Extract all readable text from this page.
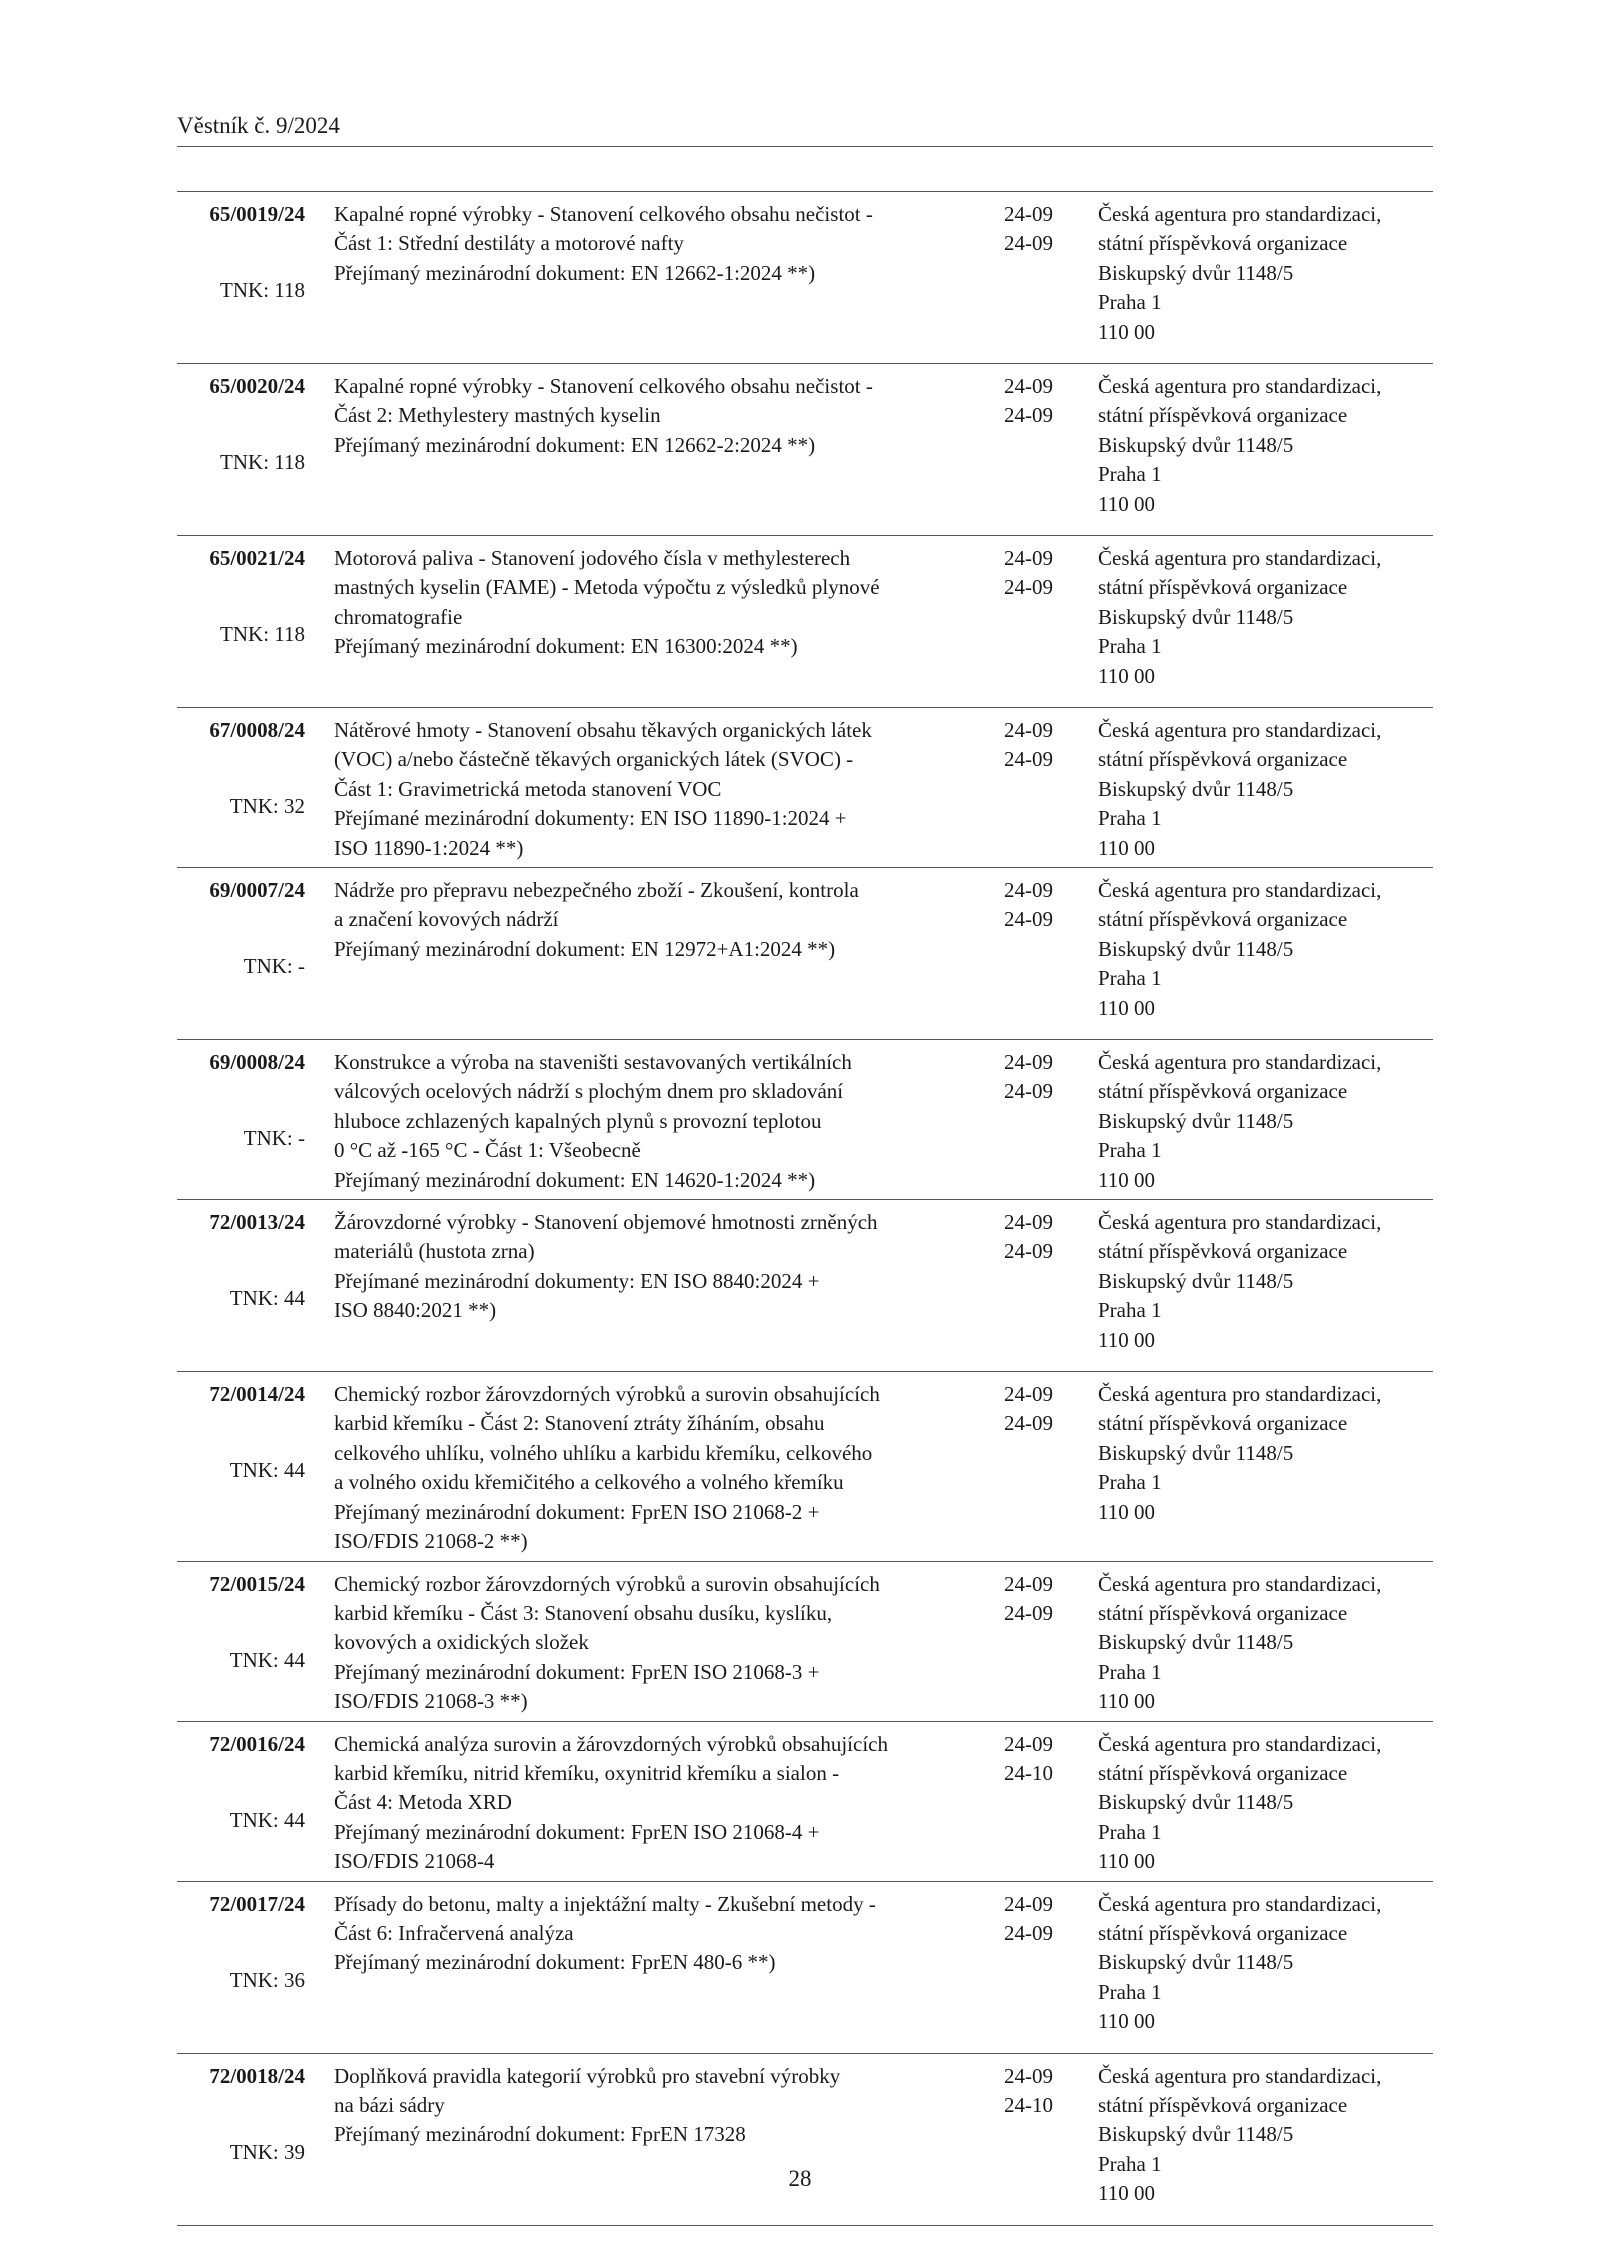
Věstník č. 9/2024
65/0019/24
TNK: 118
Kapalné ropné výrobky - Stanovení celkového obsahu nečistot -
Část 1: Střední destiláty a motorové nafty
Přejímaný mezinárodní dokument: EN 12662-1:2024 **)
24-09
24-09
Česká agentura pro standardizaci,
státní příspěvková organizace
Biskupský dvůr 1148/5
Praha 1
110 00
65/0020/24
TNK: 118
Kapalné ropné výrobky - Stanovení celkového obsahu nečistot -
Část 2: Methylestery mastných kyselin
Přejímaný mezinárodní dokument: EN 12662-2:2024 **)
24-09
24-09
Česká agentura pro standardizaci,
státní příspěvková organizace
Biskupský dvůr 1148/5
Praha 1
110 00
65/0021/24
TNK: 118
Motorová paliva - Stanovení jodového čísla v methylesterech
mastných kyselin (FAME) - Metoda výpočtu z výsledků plynové
chromatografie
Přejímaný mezinárodní dokument: EN 16300:2024 **)
24-09
24-09
Česká agentura pro standardizaci,
státní příspěvková organizace
Biskupský dvůr 1148/5
Praha 1
110 00
67/0008/24
TNK: 32
Nátěrové hmoty - Stanovení obsahu těkavých organických látek
(VOC) a/nebo částečně těkavých organických látek (SVOC) -
Část 1: Gravimetrická metoda stanovení VOC
Přejímané mezinárodní dokumenty: EN ISO 11890-1:2024 +
ISO 11890-1:2024 **)
24-09
24-09
Česká agentura pro standardizaci,
státní příspěvková organizace
Biskupský dvůr 1148/5
Praha 1
110 00
69/0007/24
TNK: -
Nádrže pro přepravu nebezpečného zboží - Zkoušení, kontrola
a značení kovových nádrží
Přejímaný mezinárodní dokument: EN 12972+A1:2024 **)
24-09
24-09
Česká agentura pro standardizaci,
státní příspěvková organizace
Biskupský dvůr 1148/5
Praha 1
110 00
69/0008/24
TNK: -
Konstrukce a výroba na staveništi sestavovaných vertikálních
válcových ocelových nádrží s plochým dnem pro skladování
hluboce zchlazených kapalných plynů s provozní teplotou
0 °C až -165 °C - Část 1: Všeobecně
Přejímaný mezinárodní dokument: EN 14620-1:2024 **)
24-09
24-09
Česká agentura pro standardizaci,
státní příspěvková organizace
Biskupský dvůr 1148/5
Praha 1
110 00
72/0013/24
TNK: 44
Žárovzdorné výrobky - Stanovení objemové hmotnosti zrněných
materiálů (hustota zrna)
Přejímané mezinárodní dokumenty: EN ISO 8840:2024 +
ISO 8840:2021 **)
24-09
24-09
Česká agentura pro standardizaci,
státní příspěvková organizace
Biskupský dvůr 1148/5
Praha 1
110 00
72/0014/24
TNK: 44
Chemický rozbor žárovzdorných výrobků a surovin obsahujících
karbid křemíku - Část 2: Stanovení ztráty žíháním, obsahu
celkového uhlíku, volného uhlíku a karbidu křemíku, celkového
a volného oxidu křemičitého a celkového a volného křemíku
Přejímaný mezinárodní dokument: FprEN ISO 21068-2 +
ISO/FDIS 21068-2 **)
24-09
24-09
Česká agentura pro standardizaci,
státní příspěvková organizace
Biskupský dvůr 1148/5
Praha 1
110 00
72/0015/24
TNK: 44
Chemický rozbor žárovzdorných výrobků a surovin obsahujících
karbid křemíku - Část 3: Stanovení obsahu dusíku, kyslíku,
kovových a oxidických složek
Přejímaný mezinárodní dokument: FprEN ISO 21068-3 +
ISO/FDIS 21068-3 **)
24-09
24-09
Česká agentura pro standardizaci,
státní příspěvková organizace
Biskupský dvůr 1148/5
Praha 1
110 00
72/0016/24
TNK: 44
Chemická analýza surovin a žárovzdorných výrobků obsahujících
karbid křemíku, nitrid křemíku, oxynitrid křemíku a sialon -
Část 4: Metoda XRD
Přejímaný mezinárodní dokument: FprEN ISO 21068-4 +
ISO/FDIS 21068-4
24-09
24-10
Česká agentura pro standardizaci,
státní příspěvková organizace
Biskupský dvůr 1148/5
Praha 1
110 00
72/0017/24
TNK: 36
Přísady do betonu, malty a injektážní malty - Zkušební metody -
Část 6: Infračervená analýza
Přejímaný mezinárodní dokument: FprEN 480-6 **)
24-09
24-09
Česká agentura pro standardizaci,
státní příspěvková organizace
Biskupský dvůr 1148/5
Praha 1
110 00
72/0018/24
TNK: 39
Doplňková pravidla kategorií výrobků pro stavební výrobky
na bázi sádry
Přejímaný mezinárodní dokument: FprEN 17328
24-09
24-10
Česká agentura pro standardizaci,
státní příspěvková organizace
Biskupský dvůr 1148/5
Praha 1
110 00
28
